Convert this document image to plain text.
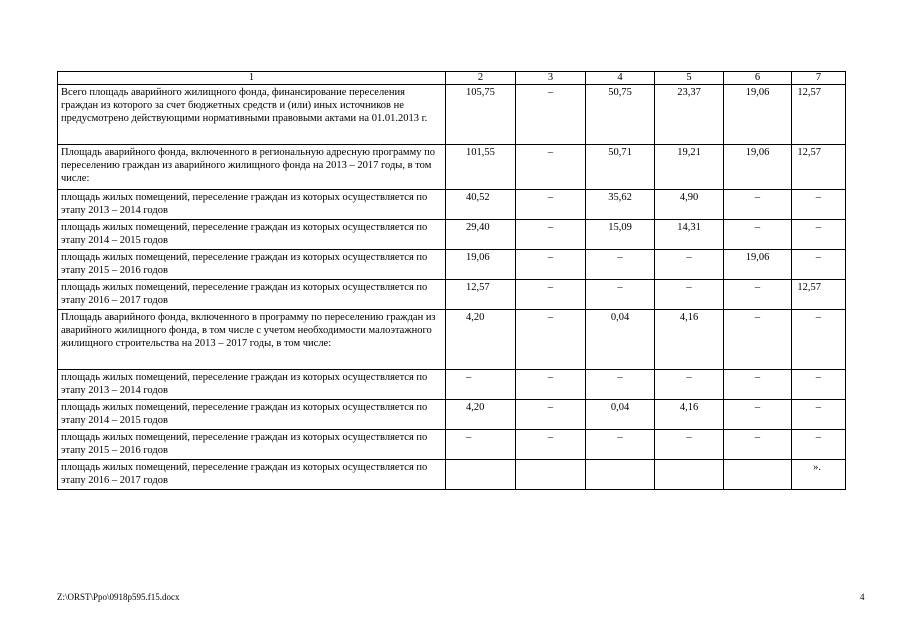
1	2	3	4	5	6	7
Всего площадь аварийного жилищного фонда, финансирование переселения граждан из которого за счет бюджетных средств и (или) иных источников не предусмотрено действующими нормативными правовыми актами на 01.01.2013 г.	105,75	–	50,75	23,37	19,06	12,57
Площадь аварийного фонда, включенного в региональную адресную программу по переселению граждан из аварийного жилищного фонда на 2013 – 2017 годы, в том числе:	101,55	–	50,71	19,21	19,06	12,57
площадь жилых помещений, переселение граждан из которых осуществляется по этапу 2013 – 2014 годов	40,52	–	35,62	4,90	–	–
площадь жилых помещений, переселение граждан из которых осуществляется по этапу 2014 – 2015 годов	29,40	–	15,09	14,31	–	–
площадь жилых помещений, переселение граждан из которых осуществляется по этапу 2015 – 2016 годов	19,06	–	–	–	19,06	–
площадь жилых помещений, переселение граждан из которых осуществляется по этапу 2016 – 2017 годов	12,57	–	–	–	–	12,57
Площадь аварийного фонда, включенного в программу по переселению граждан из аварийного жилищного фонда, в том числе с учетом необходимости малоэтажного жилищного строительства на 2013 – 2017 годы, в том числе:	4,20	–	0,04	4,16	–	–
площадь жилых помещений, переселение граждан из которых осуществляется по этапу 2013 – 2014 годов	–	–	–	–	–	–
площадь жилых помещений, переселение граждан из которых осуществляется по этапу 2014 – 2015 годов	4,20	–	0,04	4,16	–	–
площадь жилых помещений, переселение граждан из которых осуществляется по этапу 2015 – 2016 годов	–	–	–	–	–	–
площадь жилых помещений, переселение граждан из которых осуществляется по этапу 2016 – 2017 годов						».
Z:\ORST\Ppo\0918p595.f15.docx	4
